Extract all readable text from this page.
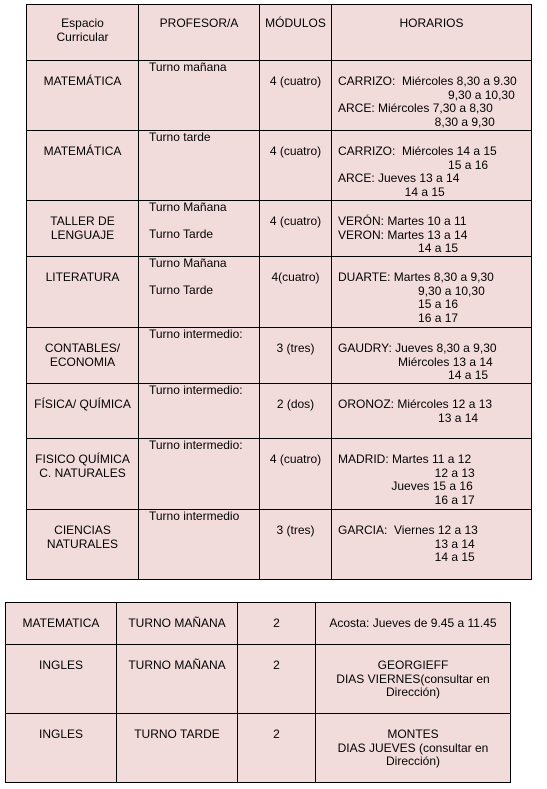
Espacio Curricular	PROFESOR/A	MÓDULOS	HORARIOS

MATEMÁTICA	Turno mañana	4 (cuatro)	CARRIZO:  Miércoles 8,30 a 9.30
9,30 a 10,30
ARCE: Miércoles 7,30 a 8,30
8,30 a 9,30

MATEMÁTICA	Turno tarde	4 (cuatro)	CARRIZO:  Miércoles 14 a 15
15 a 16
ARCE: Jueves 13 a 14
14 a 15

TALLER DE
LENGUAJE	Turno Mañana
Turno Tarde	4 (cuatro)	VERÓN: Martes 10 a 11
VERON: Martes 13 a 14
14 a 15

LITERATURA	Turno Mañana
Turno Tarde	4(cuatro)	DUARTE: Martes 8,30 a 9,30
9,30 a 10,30
15 a 16
16 a 17

CONTABLES/
ECONOMIA	Turno intermedio:	3 (tres)	GAUDRY: Jueves 8,30 a 9,30
Miércoles 13 a 14
14 a 15

FÍSICA/ QUÍMICA	Turno intermedio:	2 (dos)	ORONOZ: Miércoles 12 a 13
13 a 14

FISICO QUÍMICA
C. NATURALES	Turno intermedio:	4 (cuatro)	MADRID: Martes 11 a 12
12 a 13
Jueves 15 a 16
16 a 17

CIENCIAS
NATURALES	Turno intermedio	3 (tres)	GARCIA:  Viernes 12 a 13
13 a 14
14 a 15
MATEMATICA	TURNO MAÑANA	2	Acosta: Jueves de 9.45 a 11.45

INGLES	TURNO MAÑANA	2	GEORGIEFF
DIAS VIERNES(consultar en
Dirección)

INGLES	TURNO TARDE	2	MONTES
DIAS JUEVES (consultar en
Dirección)
